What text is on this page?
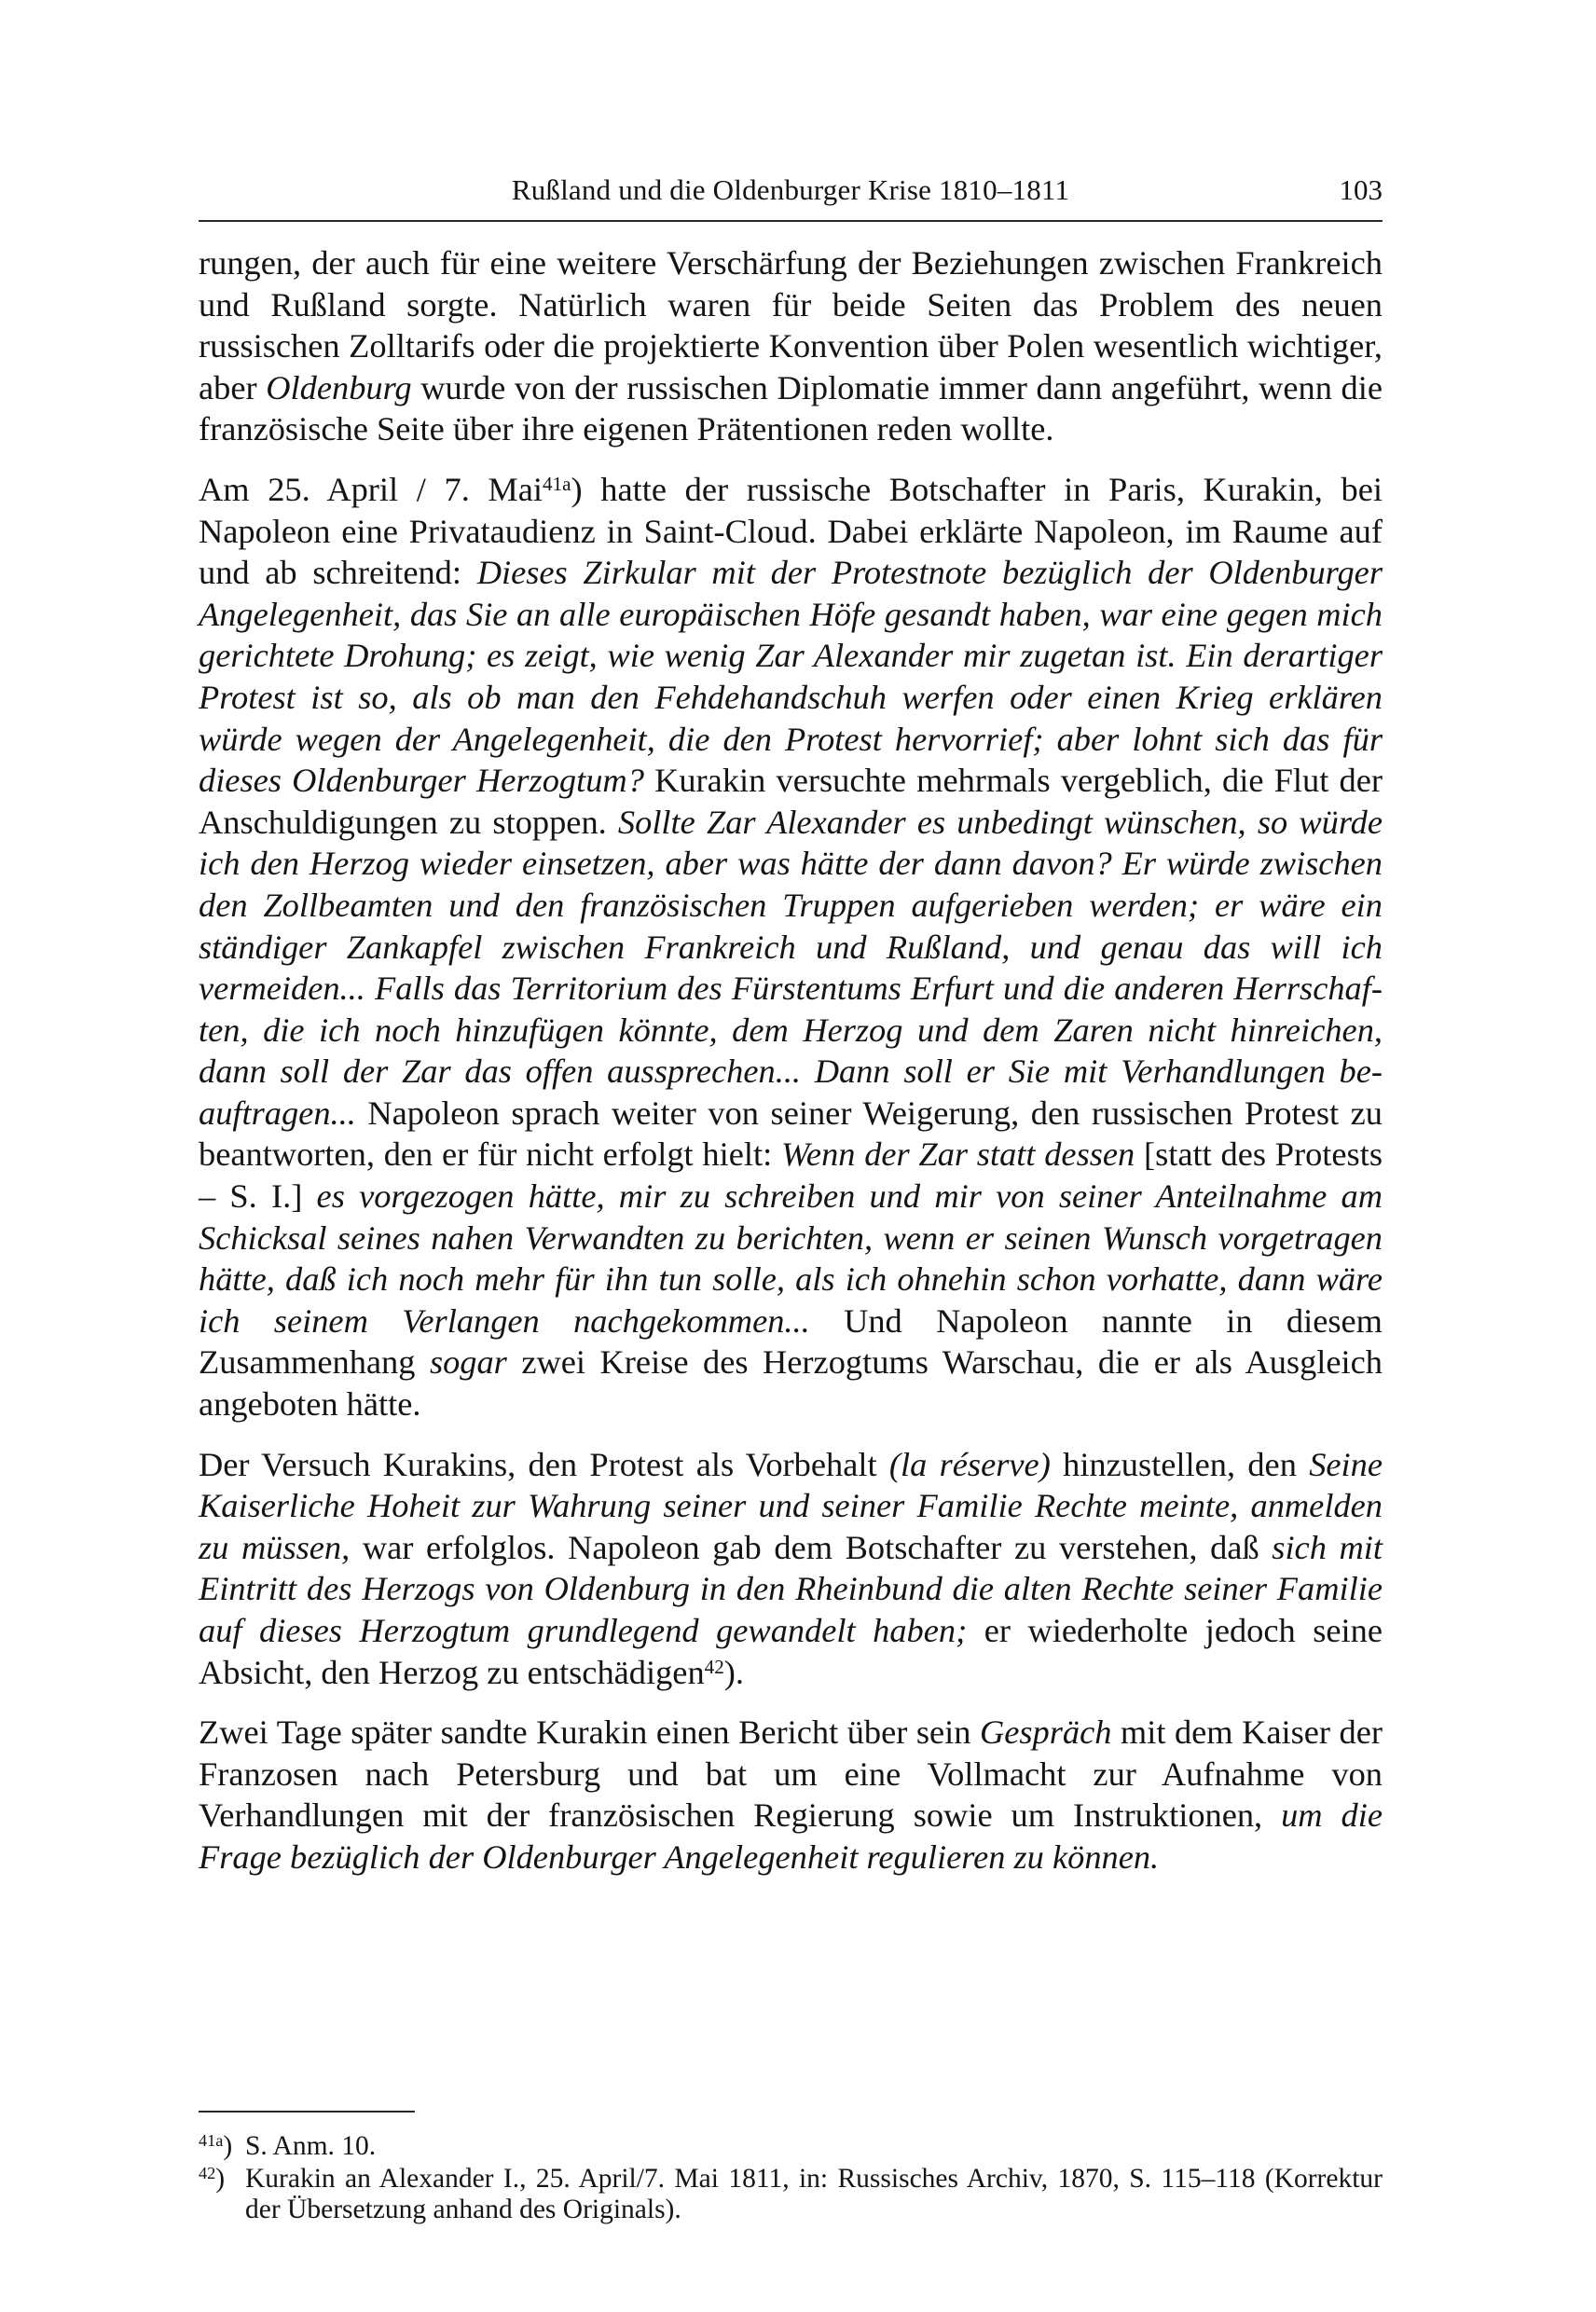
Rußland und die Oldenburger Krise 1810–1811	103

rungen, der auch für eine weitere Verschärfung der Beziehungen zwischen Frankreich und Rußland sorgte. Natürlich waren für beide Seiten das Problem des neuen russischen Zolltarifs oder die projektierte Konvention über Polen wesentlich wichtiger, aber Oldenburg wurde von der russischen Diplomatie immer dann angeführt, wenn die französische Seite über ihre eigenen Prätentionen reden wollte.

Am 25. April / 7. Mai$^{41a}$) hatte der russische Botschafter in Paris, Kurakin, bei Napoleon eine Privataudienz in Saint-Cloud. Dabei erklärte Napoleon, im Raume auf und ab schreitend: Dieses Zirkular mit der Protestnote bezüglich der Oldenburger Angelegenheit, das Sie an alle europäischen Höfe gesandt haben, war eine gegen mich gerichtete Drohung; es zeigt, wie wenig Zar Alexander mir zugetan ist. Ein derartiger Protest ist so, als ob man den Fehdehandschuh werfen oder einen Krieg erklären würde wegen der Angelegenheit, die den Protest hervorrief; aber lohnt sich das für dieses Oldenburger Herzogtum? Kurakin versuchte mehrmals vergeblich, die Flut der Anschuldigungen zu stoppen. Sollte Zar Alexander es unbedingt wünschen, so würde ich den Herzog wieder einsetzen, aber was hätte der dann davon? Er würde zwischen den Zollbeamten und den französischen Truppen aufgerieben werden; er wäre ein ständiger Zankapfel zwischen Frankreich und Rußland, und genau das will ich vermeiden... Falls das Territorium des Fürstentums Erfurt und die anderen Herrschaften, die ich noch hinzufügen könnte, dem Herzog und dem Zaren nicht hinreichen, dann soll der Zar das offen aussprechen... Dann soll er Sie mit Verhandlungen beauftragen... Napoleon sprach weiter von seiner Weigerung, den russischen Protest zu beantworten, den er für nicht erfolgt hielt: Wenn der Zar statt dessen [statt des Protests – S. I.] es vorgezogen hätte, mir zu schreiben und mir von seiner Anteilnahme am Schicksal seines nahen Verwandten zu berichten, wenn er seinen Wunsch vorgetragen hätte, daß ich noch mehr für ihn tun solle, als ich ohnehin schon vorhatte, dann wäre ich seinem Verlangen nachgekommen... Und Napoleon nannte in diesem Zusammenhang sogar zwei Kreise des Herzogtums Warschau, die er als Ausgleich angeboten hätte.

Der Versuch Kurakins, den Protest als Vorbehalt (la réserve) hinzustellen, den Seine Kaiserliche Hoheit zur Wahrung seiner und seiner Familie Rechte meinte, anmelden zu müssen, war erfolglos. Napoleon gab dem Botschafter zu verstehen, daß sich mit Eintritt des Herzogs von Oldenburg in den Rheinbund die alten Rechte seiner Familie auf dieses Herzogtum grundlegend gewandelt haben; er wiederholte jedoch seine Absicht, den Herzog zu entschädigen$^{42}$).

Zwei Tage später sandte Kurakin einen Bericht über sein Gespräch mit dem Kaiser der Franzosen nach Petersburg und bat um eine Vollmacht zur Aufnahme von Verhandlungen mit der französischen Regierung sowie um Instruktionen, um die Frage bezüglich der Oldenburger Angelegenheit regulieren zu können.

$^{41a}$) S. Anm. 10.
$^{42}$) Kurakin an Alexander I., 25. April/7. Mai 1811, in: Russisches Archiv, 1870, S. 115–118 (Korrektur der Übersetzung anhand des Originals).
